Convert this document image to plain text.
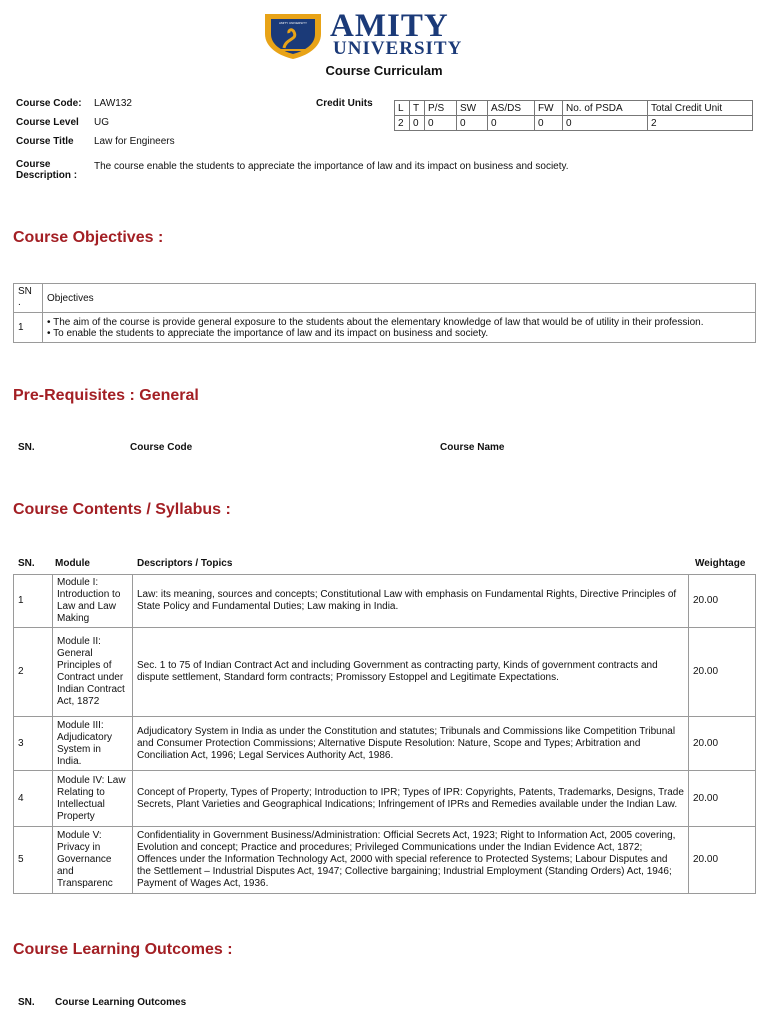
AMITY UNIVERSITY AMITY
UNIVERSITY
Course Curriculam
Course Code: LAW132
Course Level UG
Course Title Law for Engineers
Course
Description :
The course enable the students to appreciate the importance of law and its impact on business and society.
Credit Units	L	T	P/S	SW	AS/DS	FW	No. of PSDA	Total Credit Unit
2	0	0	0	0	0	0	2
Course Objectives :
SN
.	Objectives
1	• The aim of the course is provide general exposure to the students about the elementary knowledge of law that would be of utility in their profession.
• To enable the students to appreciate the importance of law and its impact on business and society.
Pre-Requisites : General
SN.	Course Code	Course Name
Course Contents / Syllabus :
SN. Module	Descriptors / Topics	Weightage
1	Module I: Introduction to Law and Law Making	Law: its meaning, sources and concepts; Constitutional Law with emphasis on Fundamental Rights, Directive Principles of State Policy and Fundamental Duties; Law making in India.	20.00
2	Module II: General Principles of Contract under Indian Contract Act, 1872	Sec. 1 to 75 of Indian Contract Act and including Government as contracting party, Kinds of government contracts and dispute settlement, Standard form contracts; Promissory Estoppel and Legitimate Expectations.	20.00
3	Module III: Adjudicatory System in India.	Adjudicatory System in India as under the Constitution and statutes; Tribunals and Commissions like Competition Tribunal and Consumer Protection Commissions; Alternative Dispute Resolution: Nature, Scope and Types; Arbitration and Conciliation Act, 1996; Legal Services Authority Act, 1986.	20.00
4	Module IV: Law Relating to Intellectual Property	Concept of Property, Types of Property; Introduction to IPR; Types of IPR: Copyrights, Patents, Trademarks, Designs, Trade Secrets, Plant Varieties and Geographical Indications; Infringement of IPRs and Remedies available under the Indian Law.	20.00
5	Module V: Privacy in Governance and Transparenc	Confidentiality in Government Business/Administration: Official Secrets Act, 1923; Right to Information Act, 2005 covering, Evolution and concept; Practice and procedures; Privileged Communications under the Indian Evidence Act, 1872; Offences under the Information Technology Act, 2000 with special reference to Protected Systems; Labour Disputes and the Settlement – Industrial Disputes Act, 1947; Collective bargaining; Industrial Employment (Standing Orders) Act, 1946; Payment of Wages Act, 1936.	20.00
Course Learning Outcomes :
SN. Course Learning Outcomes
